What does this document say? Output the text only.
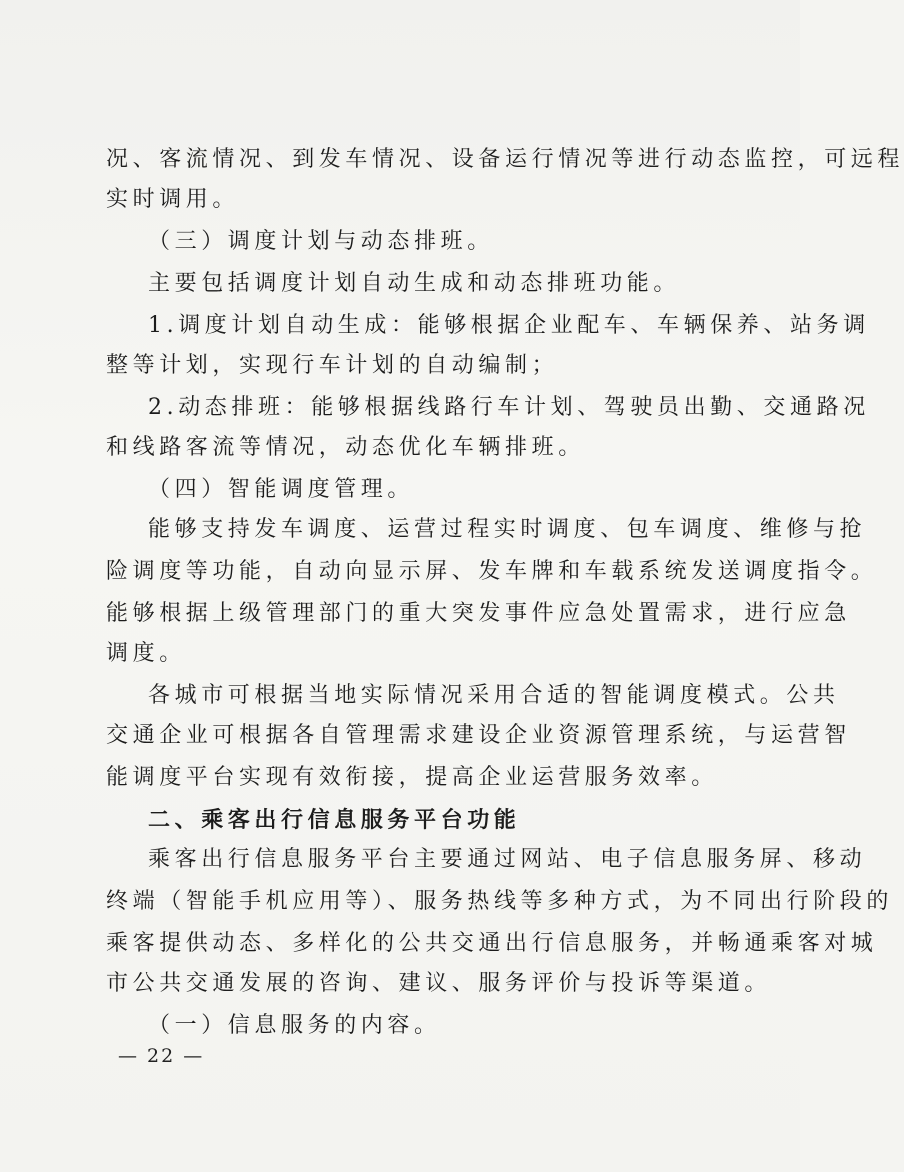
况、客流情况、到发车情况、设备运行情况等进行动态监控，可远程
实时调用。
（三）调度计划与动态排班。
主要包括调度计划自动生成和动态排班功能。
1.调度计划自动生成：能够根据企业配车、车辆保养、站务调
整等计划，实现行车计划的自动编制；
2.动态排班：能够根据线路行车计划、驾驶员出勤、交通路况
和线路客流等情况，动态优化车辆排班。
（四）智能调度管理。
能够支持发车调度、运营过程实时调度、包车调度、维修与抢
险调度等功能，自动向显示屏、发车牌和车载系统发送调度指令。
能够根据上级管理部门的重大突发事件应急处置需求，进行应急
调度。
各城市可根据当地实际情况采用合适的智能调度模式。公共
交通企业可根据各自管理需求建设企业资源管理系统，与运营智
能调度平台实现有效衔接，提高企业运营服务效率。
二、乘客出行信息服务平台功能
乘客出行信息服务平台主要通过网站、电子信息服务屏、移动
终端（智能手机应用等）、服务热线等多种方式，为不同出行阶段的
乘客提供动态、多样化的公共交通出行信息服务，并畅通乘客对城
市公共交通发展的咨询、建议、服务评价与投诉等渠道。
（一）信息服务的内容。
— 22 —
